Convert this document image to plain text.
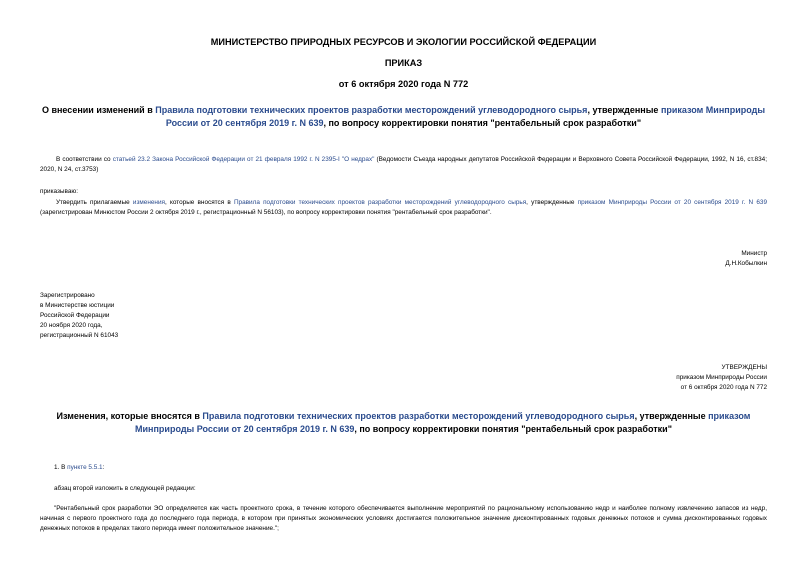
МИНИСТЕРСТВО ПРИРОДНЫХ РЕСУРСОВ И ЭКОЛОГИИ РОССИЙСКОЙ ФЕДЕРАЦИИ
ПРИКАЗ
от 6 октября 2020 года N 772
О внесении изменений в Правила подготовки технических проектов разработки месторождений углеводородного сырья, утвержденные приказом Минприроды России от 20 сентября 2019 г. N 639, по вопросу корректировки понятия "рентабельный срок разработки"
В соответствии со статьей 23.2 Закона Российской Федерации от 21 февраля 1992 г. N 2395-I "О недрах" (Ведомости Съезда народных депутатов Российской Федерации и Верховного Совета Российской Федерации, 1992, N 16, ст.834; 2020, N 24, ст.3753)
приказываю:
Утвердить прилагаемые изменения, которые вносятся в Правила подготовки технических проектов разработки месторождений углеводородного сырья, утвержденные приказом Минприроды России от 20 сентября 2019 г. N 639 (зарегистрирован Минюстом России 2 октября 2019 г., регистрационный N 56103), по вопросу корректировки понятия "рентабельный срок разработки".
Министр
Д.Н.Кобылкин
Зарегистрировано
в Министерстве юстиции
Российской Федерации
20 ноября 2020 года,
регистрационный N 61043
УТВЕРЖДЕНЫ
приказом Минприроды России
от 6 октября 2020 года N 772
Изменения, которые вносятся в Правила подготовки технических проектов разработки месторождений углеводородного сырья, утвержденные приказом Минприроды России от 20 сентября 2019 г. N 639, по вопросу корректировки понятия "рентабельный срок разработки"
1. В пункте 5.5.1:
абзац второй изложить в следующей редакции:
"Рентабельный срок разработки ЭО определяется как часть проектного срока, в течение которого обеспечивается выполнение мероприятий по рациональному использованию недр и наиболее полному извлечению запасов из недр, начиная с первого проектного года до последнего года периода, в котором при принятых экономических условиях достигается положительное значение дисконтированных годовых денежных потоков и сумма дисконтированных годовых денежных потоков в пределах такого периода имеет положительное значение.";
